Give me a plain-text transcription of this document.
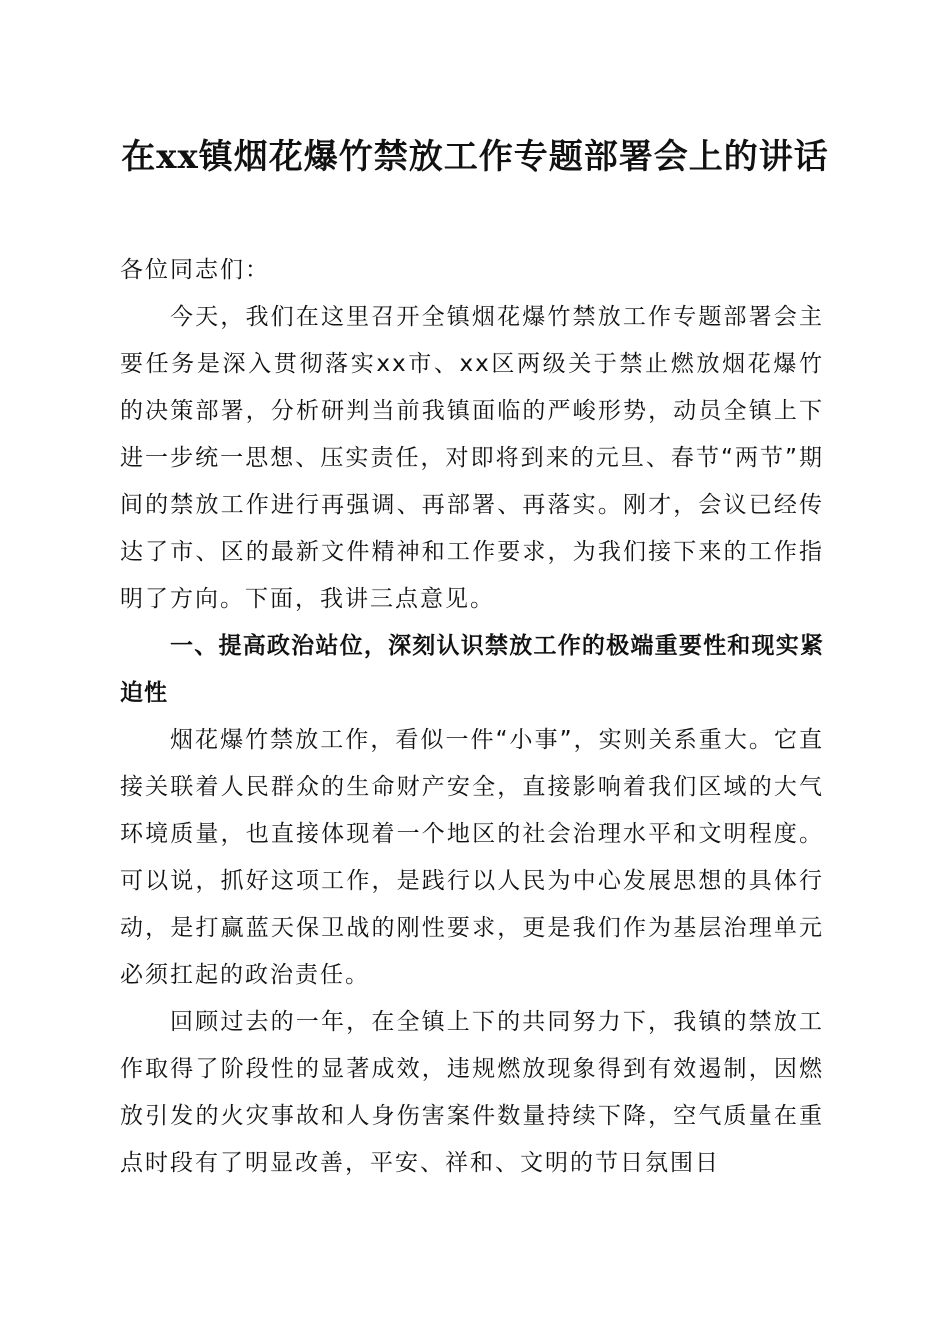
在xx镇烟花爆竹禁放工作专题部署会上的讲话

各位同志们：

今天，我们在这里召开全镇烟花爆竹禁放工作专题部署会主要任务是深入贯彻落实xx市、xx区两级关于禁止燃放烟花爆竹的决策部署，分析研判当前我镇面临的严峻形势，动员全镇上下进一步统一思想、压实责任，对即将到来的元旦、春节“两节”期间的禁放工作进行再强调、再部署、再落实。刚才，会议已经传达了市、区的最新文件精神和工作要求，为我们接下来的工作指明了方向。下面，我讲三点意见。

一、提高政治站位，深刻认识禁放工作的极端重要性和现实紧迫性

烟花爆竹禁放工作，看似一件“小事”，实则关系重大。它直接关联着人民群众的生命财产安全，直接影响着我们区域的大气环境质量，也直接体现着一个地区的社会治理水平和文明程度。可以说，抓好这项工作，是践行以人民为中心发展思想的具体行动，是打赢蓝天保卫战的刚性要求，更是我们作为基层治理单元必须扛起的政治责任。

回顾过去的一年，在全镇上下的共同努力下，我镇的禁放工作取得了阶段性的显著成效，违规燃放现象得到有效遏制，因燃放引发的火灾事故和人身伤害案件数量持续下降，空气质量在重点时段有了明显改善，平安、祥和、文明的节日氛围日
